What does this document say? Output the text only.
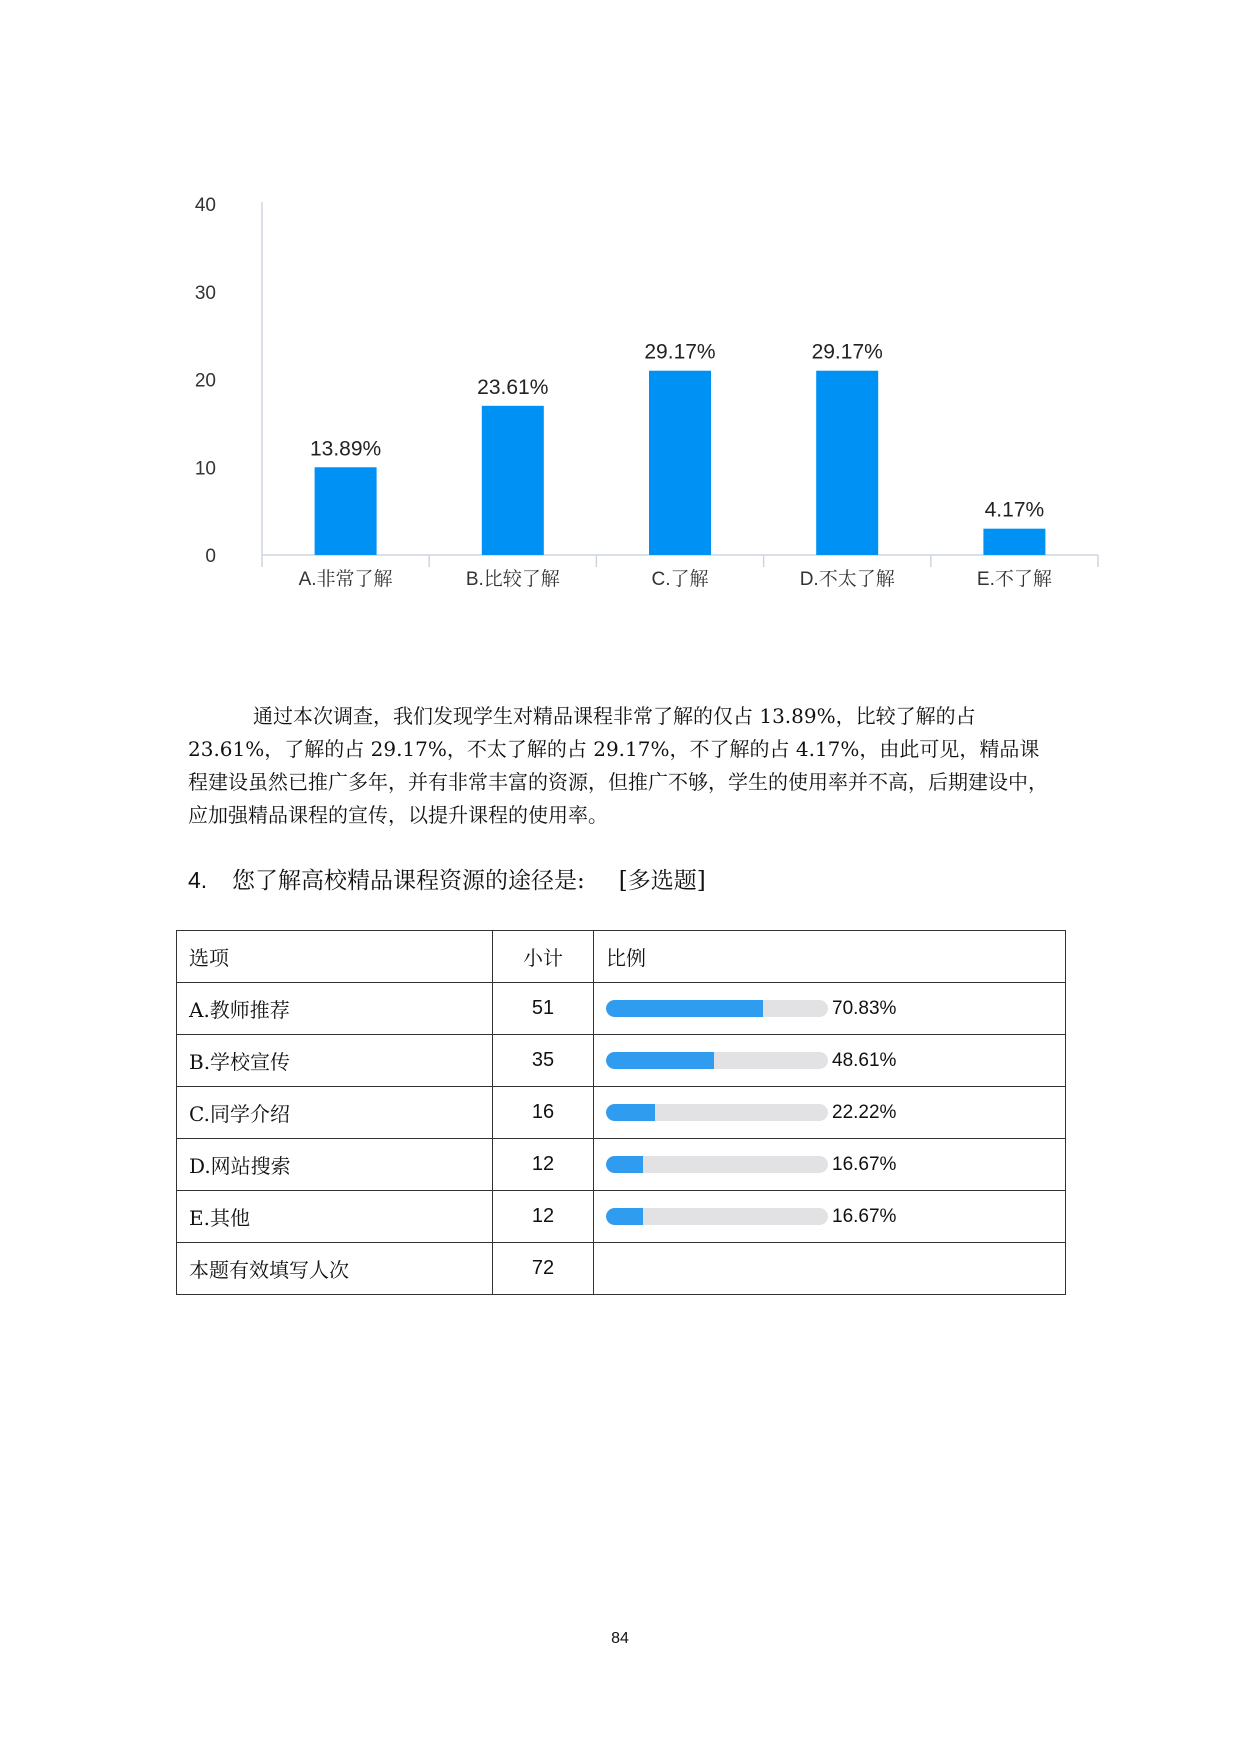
0
10
20
30
40
13.89%
A.非常了解
23.61%
B.比较了解
29.17%
C.了解
29.17%
D.不太了解
4.17%
E.不了解

通过本次调查，我们发现学生对精品课程非常了解的仅占 13.89%，比较了解的占 23.61%，了解的占 29.17%，不太了解的占 29.17%，不了解的占 4.17%，由此可见，精品课程建设虽然已推广多年，并有非常丰富的资源，但推广不够，学生的使用率并不高，后期建设中，应加强精品课程的宣传，以提升课程的使用率。

4. 您了解高校精品课程资源的途径是: [多选题]
选项	小计	比例
A.教师推荐	51	70.83%

B.学校宣传	35	48.61%

C.同学介绍	16	22.22%

D.网站搜索	12	16.67%

E.其他	12	16.67%

本题有效填写人次	72	
84
